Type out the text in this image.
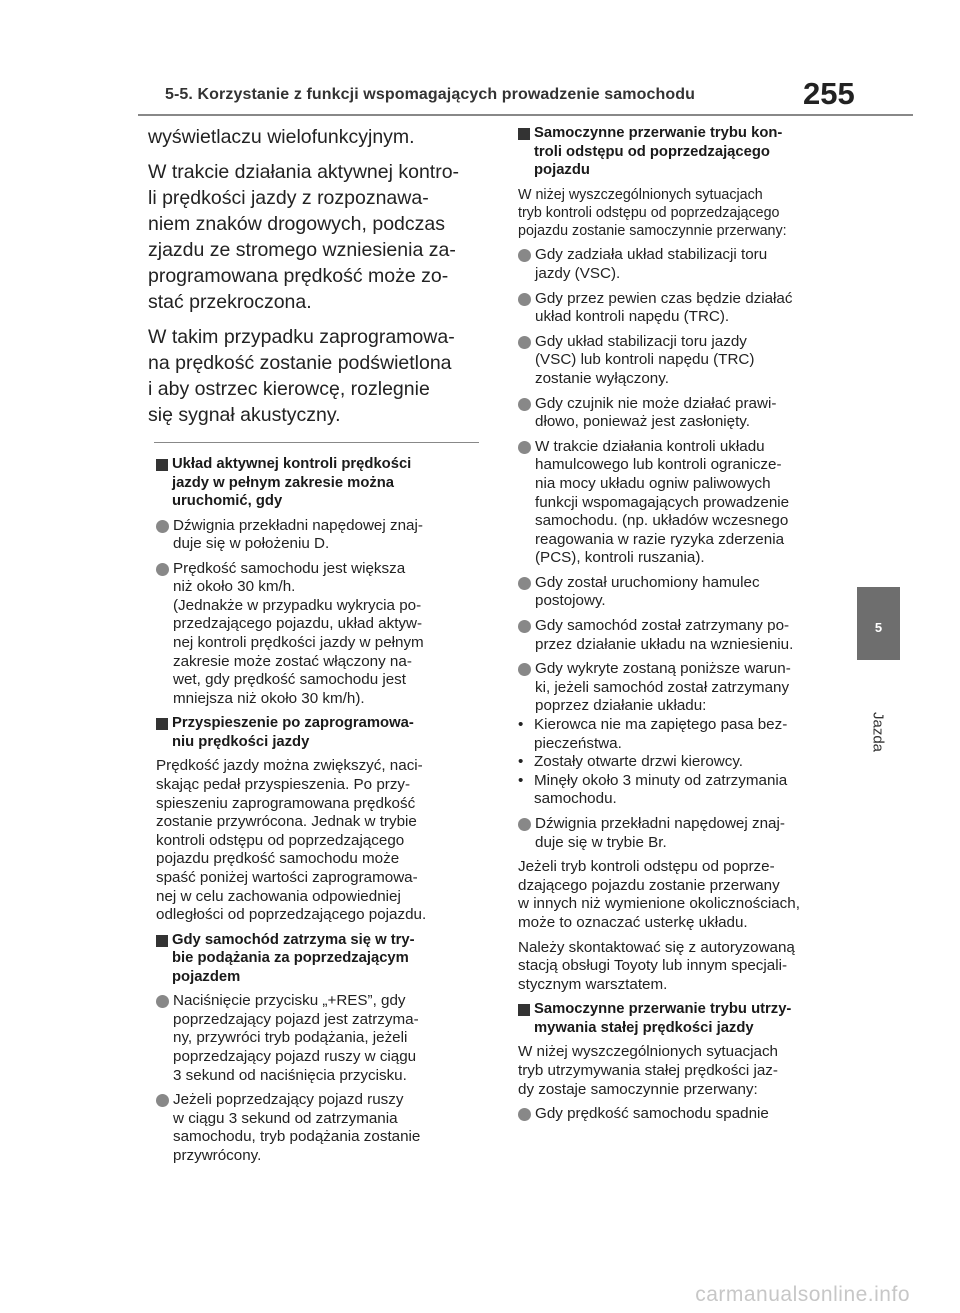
5-5. Korzystanie z funkcji wspomagających prowadzenie samochodu	255

wyświetlaczu wielofunkcyjnym.

W trakcie działania aktywnej kontro-
li prędkości jazdy z rozpoznawa-
niem znaków drogowych, podczas
zjazdu ze stromego wzniesienia za-
programowana prędkość może zo-
stać przekroczona.

W takim przypadku zaprogramowa-
na prędkość zostanie podświetlona
i aby ostrzec kierowcę, rozlegnie
się sygnał akustyczny.

Układ aktywnej kontroli prędkości
jazdy w pełnym zakresie można
uruchomić, gdy
Dźwignia przekładni napędowej znaj-
duje się w położeniu D.
Prędkość samochodu jest większa
niż około 30 km/h.
(Jednakże w przypadku wykrycia po-
przedzającego pojazdu, układ aktyw-
nej kontroli prędkości jazdy w pełnym
zakresie może zostać włączony na-
wet, gdy prędkość samochodu jest
mniejsza niż około 30 km/h).
Przyspieszenie po zaprogramowa-
niu prędkości jazdy

Prędkość jazdy można zwiększyć, naci-
skając pedał przyspieszenia. Po przy-
spieszeniu zaprogramowana prędkość
zostanie przywrócona. Jednak w trybie
kontroli odstępu od poprzedzającego
pojazdu prędkość samochodu może
spaść poniżej wartości zaprogramowa-
nej w celu zachowania odpowiedniej
odległości od poprzedzającego pojazdu.

Gdy samochód zatrzyma się w try-
bie podążania za poprzedzającym
pojazdem
Naciśnięcie przycisku „+RES”, gdy
poprzedzający pojazd jest zatrzyma-
ny, przywróci tryb podążania, jeżeli
poprzedzający pojazd ruszy w ciągu
3 sekund od naciśnięcia przycisku.
Jeżeli poprzedzający pojazd ruszy
w ciągu 3 sekund od zatrzymania
samochodu, tryb podążania zostanie
przywrócony.
Samoczynne przerwanie trybu kon-
troli odstępu od poprzedzającego
pojazdu

W niżej wyszczególnionych sytuacjach
tryb kontroli odstępu od poprzedzającego
pojazdu zostanie samoczynnie przerwany:

Gdy zadziała układ stabilizacji toru
jazdy (VSC).
Gdy przez pewien czas będzie działać
układ kontroli napędu (TRC).
Gdy układ stabilizacji toru jazdy
(VSC) lub kontroli napędu (TRC)
zostanie wyłączony.
Gdy czujnik nie może działać prawi-
dłowo, ponieważ jest zasłonięty.
W trakcie działania kontroli układu
hamulcowego lub kontroli ogranicze-
nia mocy układu ogniw paliwowych
funkcji wspomagających prowadzenie
samochodu. (np. układów wczesnego
reagowania w razie ryzyka zderzenia
(PCS), kontroli ruszania).
Gdy został uruchomiony hamulec
postojowy.
Gdy samochód został zatrzymany po-
przez działanie układu na wzniesieniu.
Gdy wykryte zostaną poniższe warun-
ki, jeżeli samochód został zatrzymany
poprzez działanie układu:
• Kierowca nie ma zapiętego pasa bez-
pieczeństwa.
• Zostały otwarte drzwi kierowcy.
• Minęły około 3 minuty od zatrzymania
samochodu.
Dźwignia przekładni napędowej znaj-
duje się w trybie Br.

Jeżeli tryb kontroli odstępu od poprze-
dzającego pojazdu zostanie przerwany
w innych niż wymienione okolicznościach,
może to oznaczać usterkę układu.

Należy skontaktować się z autoryzowaną
stacją obsługi Toyoty lub innym specjali-
stycznym warsztatem.

Samoczynne przerwanie trybu utrzy-
mywania stałej prędkości jazdy

W niżej wyszczególnionych sytuacjach
tryb utrzymywania stałej prędkości jaz-
dy zostaje samoczynnie przerwany:

Gdy prędkość samochodu spadnie
5
Jazda
carmanualsonline.info
